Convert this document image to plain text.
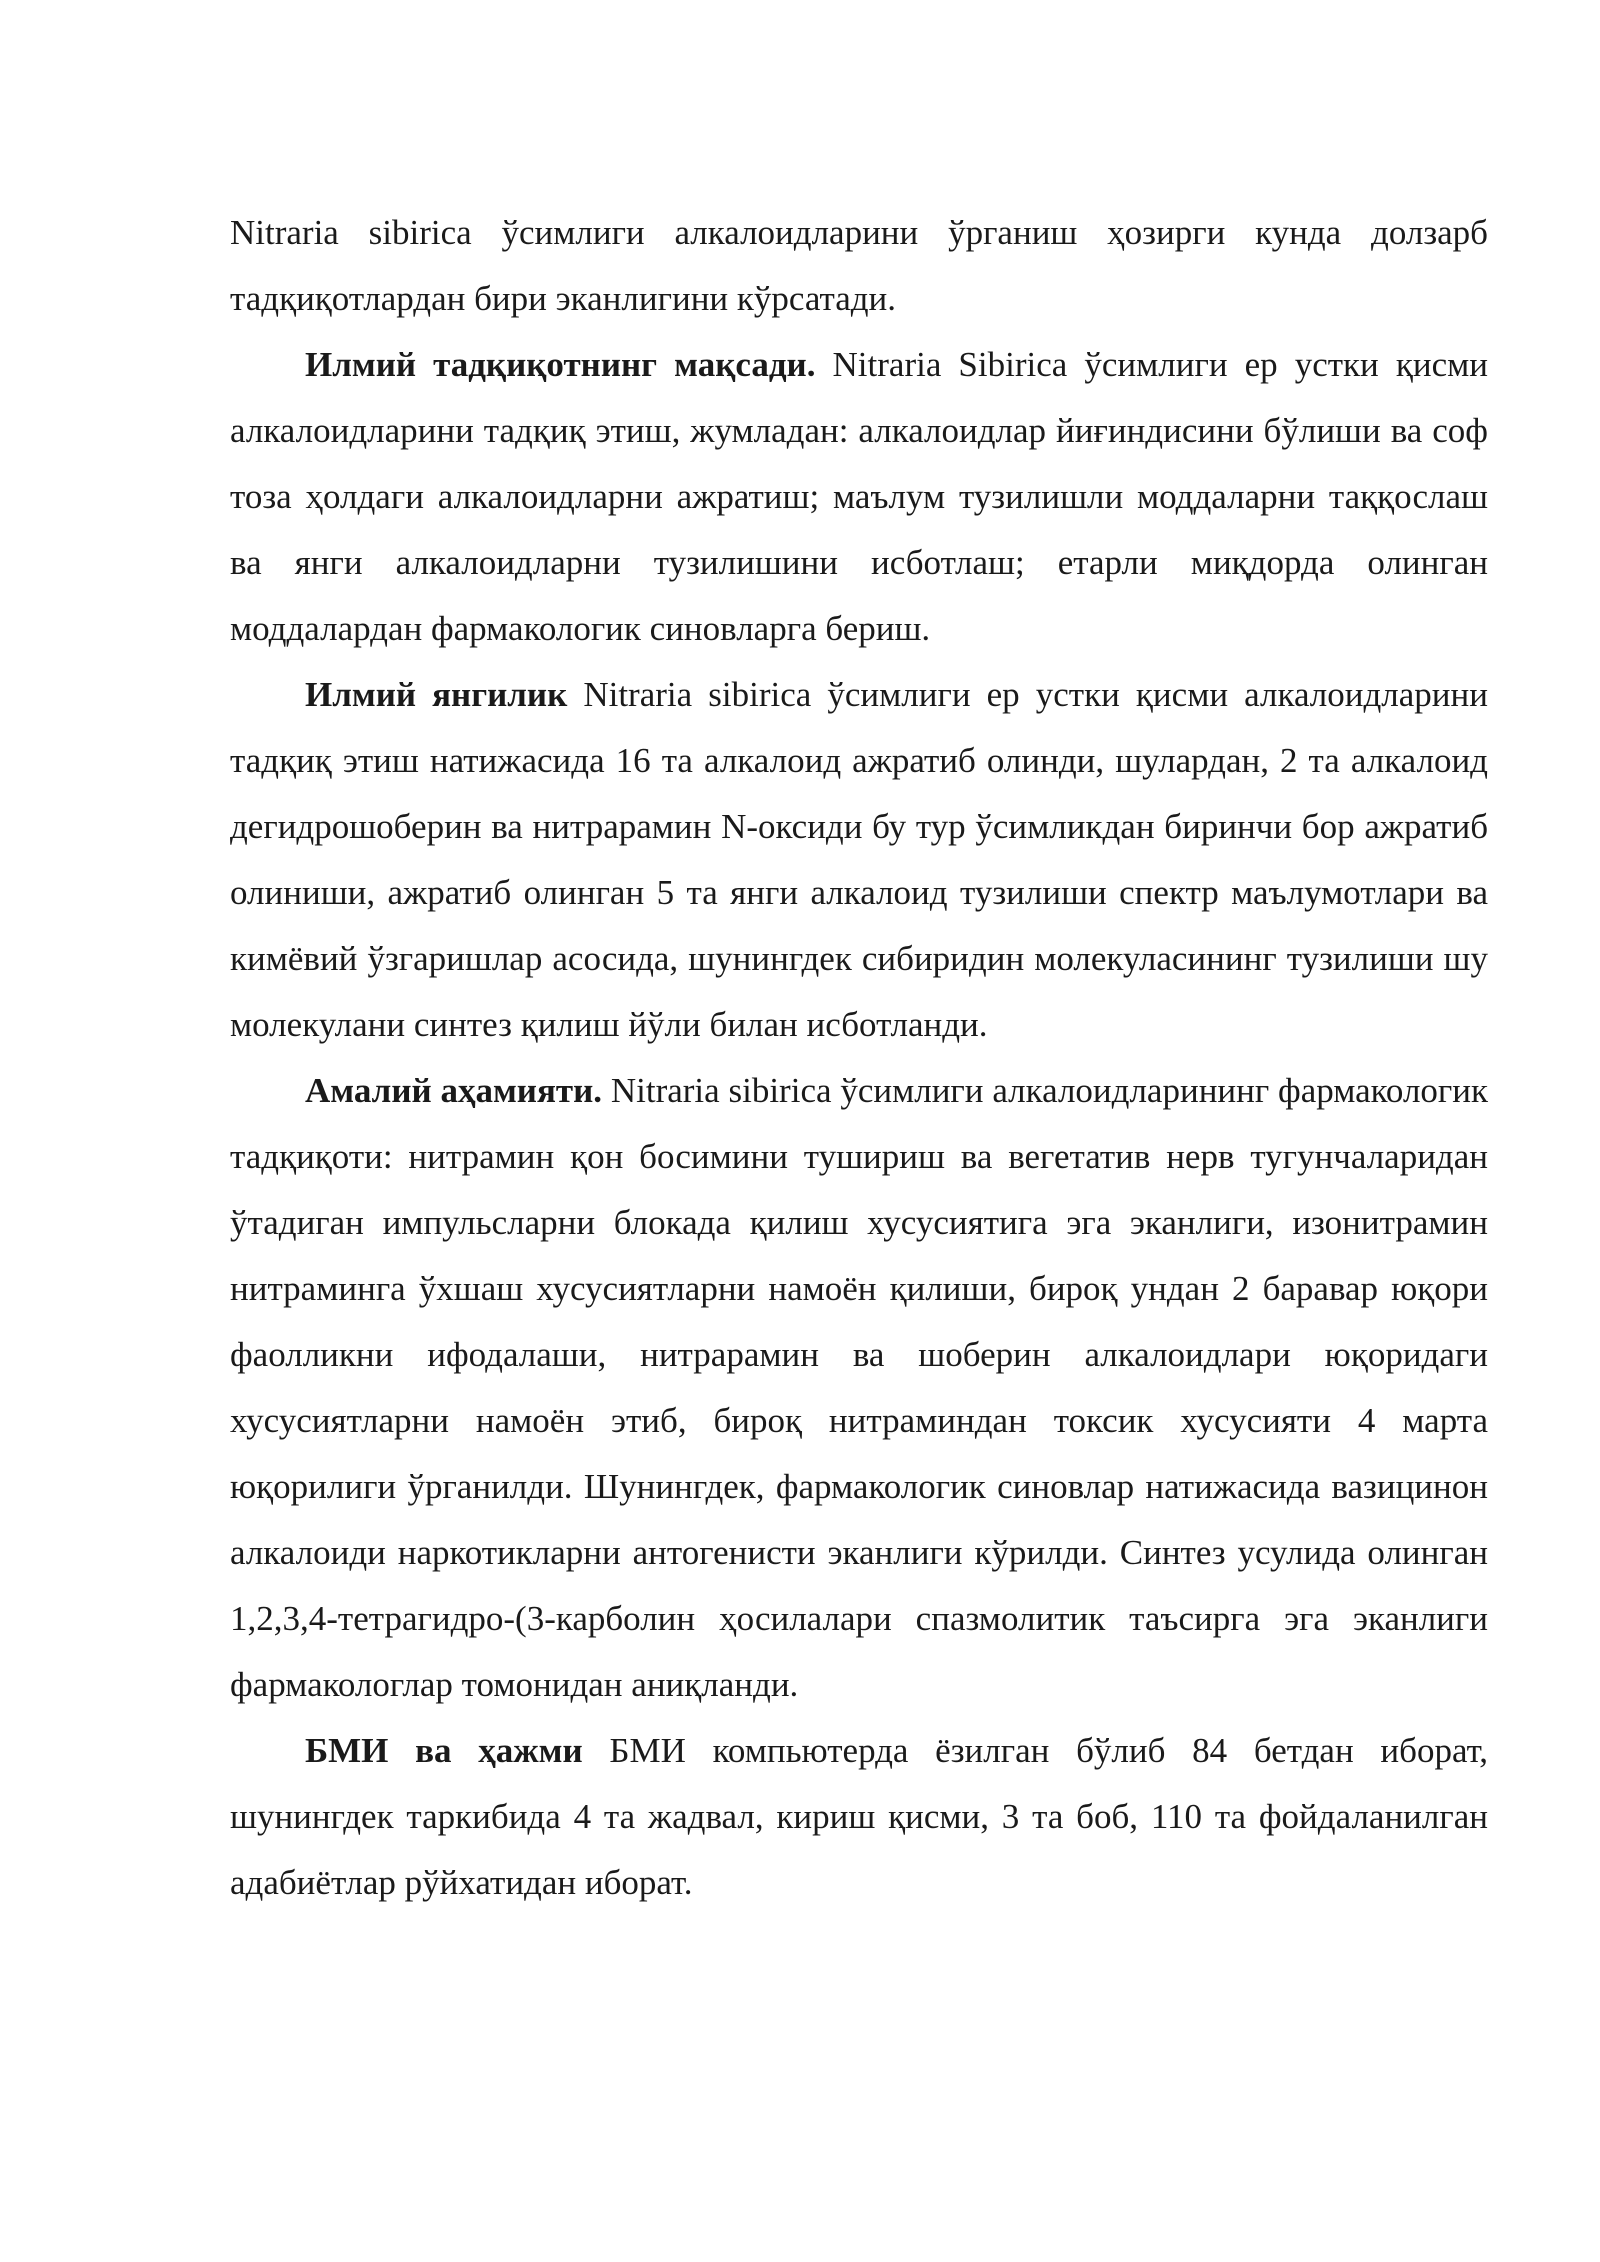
Nitraria sibirica ўсимлиги алкалоидларини ўрганиш ҳозирги кунда долзарб тадқиқотлардан бири эканлигини кўрсатади.

Илмий тадқиқотнинг мақсади. Nitraria Sibirica ўсимлиги ер устки қисми алкалоидларини тадқиқ этиш, жумладан: алкалоидлар йиғиндисини бўлиши ва соф тоза ҳолдаги алкалоидларни ажратиш; маълум тузилишли моддаларни таққослаш ва янги алкалоидларни тузилишини исботлаш; етарли миқдорда олинган моддалардан фармакологик синовларга бериш.

Илмий янгилик Nitraria sibirica ўсимлиги ер устки қисми алкалоидларини тадқиқ этиш натижасида 16 та алкалоид ажратиб олинди, шулардан, 2 та алкалоид дегидрошоберин ва нитрарамин N-оксиди бу тур ўсимликдан биринчи бор ажратиб олиниши, ажратиб олинган 5 та янги алкалоид тузилиши спектр маълумотлари ва кимёвий ўзгаришлар асосида, шунингдек сибиридин молекуласининг тузилиши шу молекулани синтез қилиш йўли билан исботланди.

Амалий аҳамияти. Nitraria sibirica ўсимлиги алкалоидларининг фармакологик тадқиқоти: нитрамин қон босимини тушириш ва вегетатив нерв тугунчаларидан ўтадиган импульсларни блокада қилиш хусусиятига эга эканлиги, изонитрамин нитраминга ўхшаш хусусиятларни намоён қилиши, бироқ ундан 2 баравар юқори фаолликни ифодалаши, нитрарамин ва шоберин алкалоидлари юқоридаги хусусиятларни намоён этиб, бироқ нитраминдан токсик хусусияти 4 марта юқорилиги ўрганилди. Шунингдек, фармакологик синовлар натижасида вазицинон алкалоиди наркотикларни антогенисти эканлиги кўрилди. Синтез усулида олинган 1,2,3,4-тетрагидро-(3-карболин ҳосилалари спазмолитик таъсирга эга эканлиги фармакологлар томонидан аниқланди.

БМИ ва ҳажми БМИ компьютерда ёзилган бўлиб 84 бетдан иборат, шунингдек таркибида 4 та жадвал, кириш қисми, 3 та боб, 110 та фойдаланилган адабиётлар рўйхатидан иборат.
